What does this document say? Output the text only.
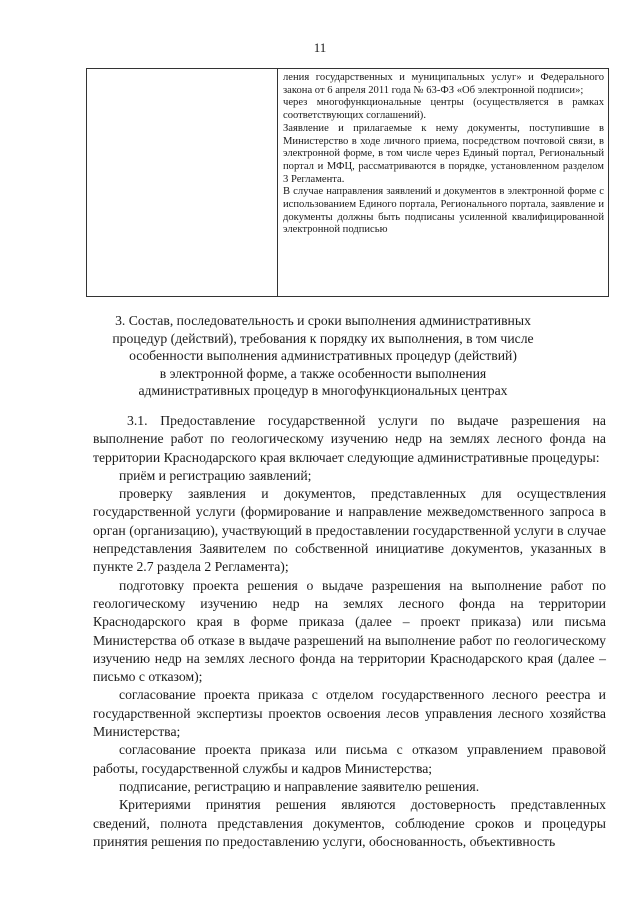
11

ления государственных и муниципальных услуг» и Федерального закона от 6 апреля 2011 года № 63-ФЗ «Об электронной подписи»;

через многофункциональные центры (осуществляется в рамках соответствующих соглашений).

Заявление и прилагаемые к нему документы, поступившие в Министерство в ходе личного приема, посредством почтовой связи, в электронной форме, в том числе через Единый портал, Региональный портал и МФЦ, рассматриваются в порядке, установленном разделом 3 Регламента.

В случае направления заявлений и документов в электронной форме с использованием Единого портала, Регионального портала, заявление и документы должны быть подписаны усиленной квалифицированной электронной подписью

3. Состав, последовательность и сроки выполнения административных

процедур (действий), требования к порядку их выполнения, в том числе

особенности выполнения административных процедур (действий)

в электронной форме, а также особенности выполнения

административных процедур в многофункциональных центрах

3.1. Предоставление государственной услуги по выдаче разрешения на выполнение работ по геологическому изучению недр на землях лесного фонда на территории Краснодарского края включает следующие административные процедуры:

приём и регистрацию заявлений;

проверку заявления и документов, представленных для осуществления государственной услуги (формирование и направление межведомственного запроса в орган (организацию), участвующий в предоставлении государственной услуги в случае непредставления Заявителем по собственной инициативе документов, указанных в пункте 2.7 раздела 2 Регламента);

подготовку проекта решения о выдаче разрешения на выполнение работ по геологическому изучению недр на землях лесного фонда на территории Краснодарского края в форме приказа (далее – проект приказа) или письма Министерства об отказе в выдаче разрешений на выполнение работ по геологическому изучению недр на землях лесного фонда на территории Краснодарского края (далее – письмо с отказом);

согласование проекта приказа с отделом государственного лесного реестра и государственной экспертизы проектов освоения лесов управления лесного хозяйства Министерства;

согласование проекта приказа или письма с отказом управлением правовой работы, государственной службы и кадров Министерства;

подписание, регистрацию и направление заявителю решения.

Критериями принятия решения являются достоверность представленных сведений, полнота представления документов, соблюдение сроков и процедуры принятия решения по предоставлению услуги, обоснованность, объективность
